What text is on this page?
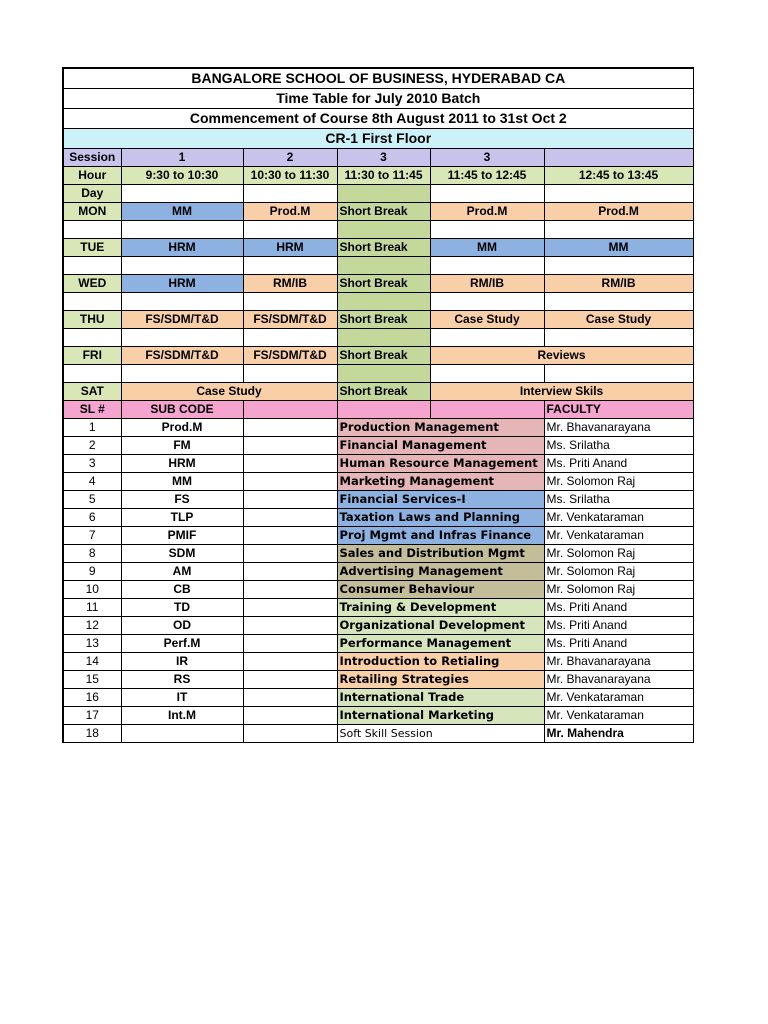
BANGALORE SCHOOL OF BUSINESS, HYDERABAD CA					
Time Table for July 2010 Batch					
Commencement of Course 8th August 2011 to 31st Oct 2					
CR-1 First Floor					
Session	1	2	3	3	
Hour	9:30 to 10:30	10:30 to 11:30	11:30 to 11:45	11:45 to 12:45	12:45 to 13:45
Day					
MON	MM	Prod.M	Short Break	Prod.M	Prod.M

TUE	HRM	HRM	Short Break	MM	MM

WED	HRM	RM/IB	Short Break	RM/IB	RM/IB

THU	FS/SDM/T&D	FS/SDM/T&D	Short Break	Case Study	Case Study

FRI	FS/SDM/T&D	FS/SDM/T&D	Short Break	Reviews	

SAT	Case Study		Short Break	Interview Skils	
SL #	SUB CODE				FACULTY
1	Prod.M		Production Management		Mr. Bhavanarayana
2	FM		Financial Management		Ms. Srilatha
3	HRM		Human Resource Management		Ms. Priti Anand
4	MM		Marketing Management		Mr. Solomon Raj
5	FS		Financial Services-I		Ms. Srilatha
6	TLP		Taxation Laws and Planning		Mr. Venkataraman
7	PMIF		Proj Mgmt and Infras Finance		Mr. Venkataraman
8	SDM		Sales and Distribution Mgmt		Mr. Solomon Raj
9	AM		Advertising Management		Mr. Solomon Raj
10	CB		Consumer Behaviour		Mr. Solomon Raj
11	TD		Training & Development		Ms. Priti Anand
12	OD		Organizational Development		Ms. Priti Anand
13	Perf.M		Performance Management		Ms. Priti Anand
14	IR		Introduction to Retialing		Mr. Bhavanarayana
15	RS		Retailing Strategies		Mr. Bhavanarayana
16	IT		International Trade		Mr. Venkataraman
17	Int.M		International Marketing		Mr. Venkataraman
18			Soft Skill Session		Mr. Mahendra
